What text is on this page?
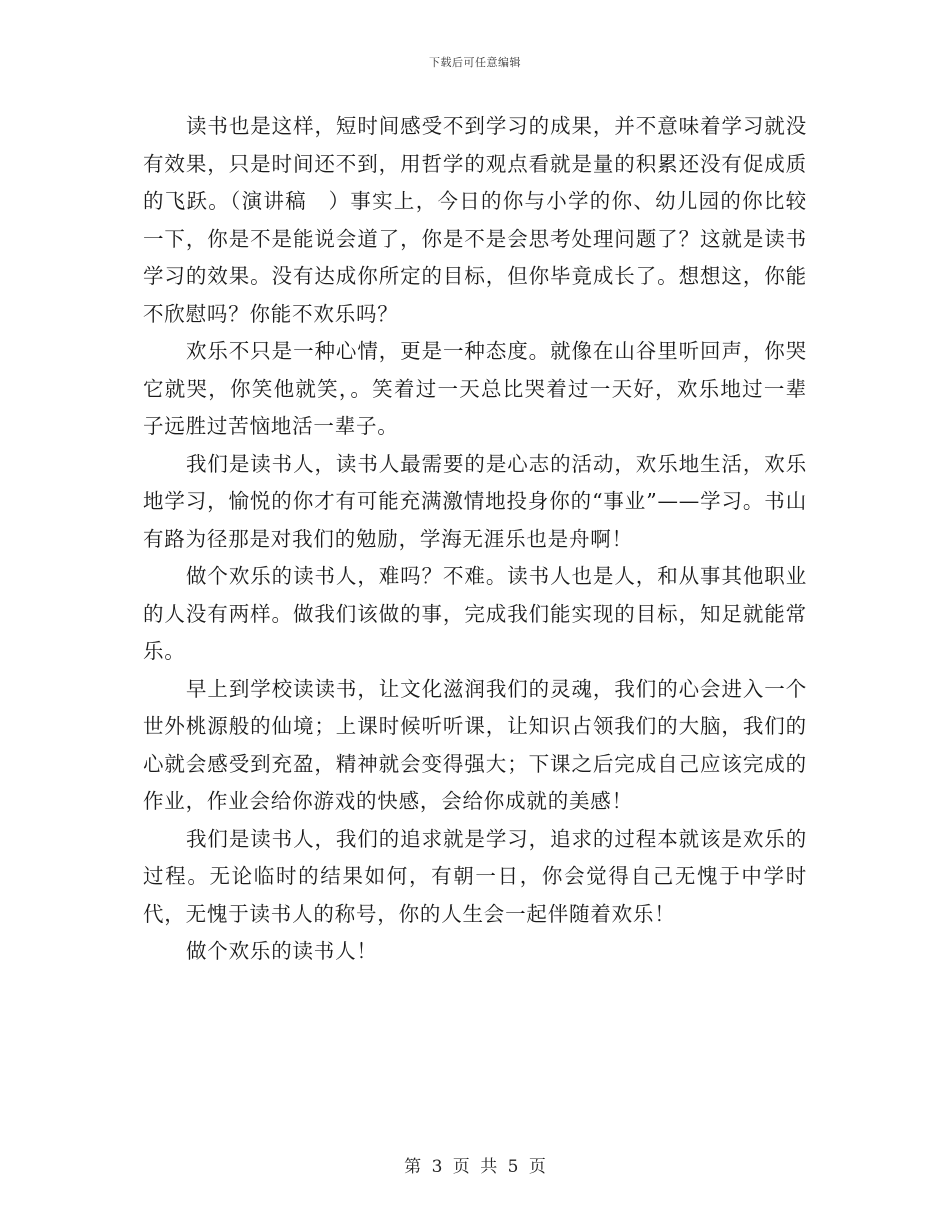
下载后可任意编辑

读书也是这样，短时间感受不到学习的成果，并不意味着学习就没有效果，只是时间还不到，用哲学的观点看就是量的积累还没有促成质的飞跃。（演讲稿　）事实上，今日的你与小学的你、幼儿园的你比较一下，你是不是能说会道了，你是不是会思考处理问题了？这就是读书学习的效果。没有达成你所定的目标，但你毕竟成长了。想想这，你能不欣慰吗？你能不欢乐吗？

欢乐不只是一种心情，更是一种态度。就像在山谷里听回声，你哭它就哭，你笑他就笑，。笑着过一天总比哭着过一天好，欢乐地过一辈子远胜过苦恼地活一辈子。

我们是读书人，读书人最需要的是心志的活动，欢乐地生活，欢乐地学习，愉悦的你才有可能充满激情地投身你的“事业”——学习。书山有路为径那是对我们的勉励，学海无涯乐也是舟啊！

做个欢乐的读书人，难吗？不难。读书人也是人，和从事其他职业的人没有两样。做我们该做的事，完成我们能实现的目标，知足就能常乐。

早上到学校读读书，让文化滋润我们的灵魂，我们的心会进入一个世外桃源般的仙境；上课时候听听课，让知识占领我们的大脑，我们的心就会感受到充盈，精神就会变得强大；下课之后完成自己应该完成的作业，作业会给你游戏的快感，会给你成就的美感！

我们是读书人，我们的追求就是学习，追求的过程本就该是欢乐的过程。无论临时的结果如何，有朝一日，你会觉得自己无愧于中学时代，无愧于读书人的称号，你的人生会一起伴随着欢乐！

做个欢乐的读书人！

第 3 页 共 5 页
